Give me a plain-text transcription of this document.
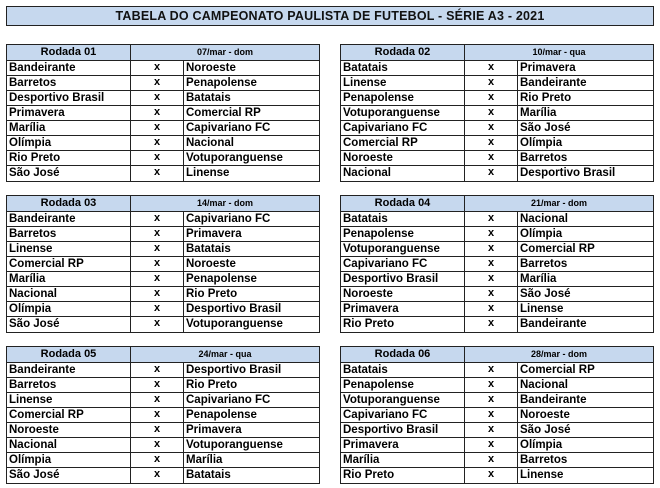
TABELA DO CAMPEONATO PAULISTA DE FUTEBOL - SÉRIE A3 - 2021
Rodada 01	07/mar - dom
Bandeirante	x	Noroeste
Barretos	x	Penapolense
Desportivo Brasil	x	Batatais
Primavera	x	Comercial RP
Marília	x	Capivariano FC
Olímpia	x	Nacional
Rio Preto	x	Votuporanguense
São José	x	Linense
Rodada 02	10/mar - qua
Batatais	x	Primavera
Linense	x	Bandeirante
Penapolense	x	Rio Preto
Votuporanguense	x	Marília
Capivariano FC	x	São José
Comercial RP	x	Olímpia
Noroeste	x	Barretos
Nacional	x	Desportivo Brasil
Rodada 03	14/mar - dom
Bandeirante	x	Capivariano FC
Barretos	x	Primavera
Linense	x	Batatais
Comercial RP	x	Noroeste
Marília	x	Penapolense
Nacional	x	Rio Preto
Olímpia	x	Desportivo Brasil
São José	x	Votuporanguense
Rodada 04	21/mar - dom
Batatais	x	Nacional
Penapolense	x	Olímpia
Votuporanguense	x	Comercial RP
Capivariano FC	x	Barretos
Desportivo Brasil	x	Marília
Noroeste	x	São José
Primavera	x	Linense
Rio Preto	x	Bandeirante
Rodada 05	24/mar - qua
Bandeirante	x	Desportivo Brasil
Barretos	x	Rio Preto
Linense	x	Capivariano FC
Comercial RP	x	Penapolense
Noroeste	x	Primavera
Nacional	x	Votuporanguense
Olímpia	x	Marília
São José	x	Batatais
Rodada 06	28/mar - dom
Batatais	x	Comercial RP
Penapolense	x	Nacional
Votuporanguense	x	Bandeirante
Capivariano FC	x	Noroeste
Desportivo Brasil	x	São José
Primavera	x	Olímpia
Marília	x	Barretos
Rio Preto	x	Linense
